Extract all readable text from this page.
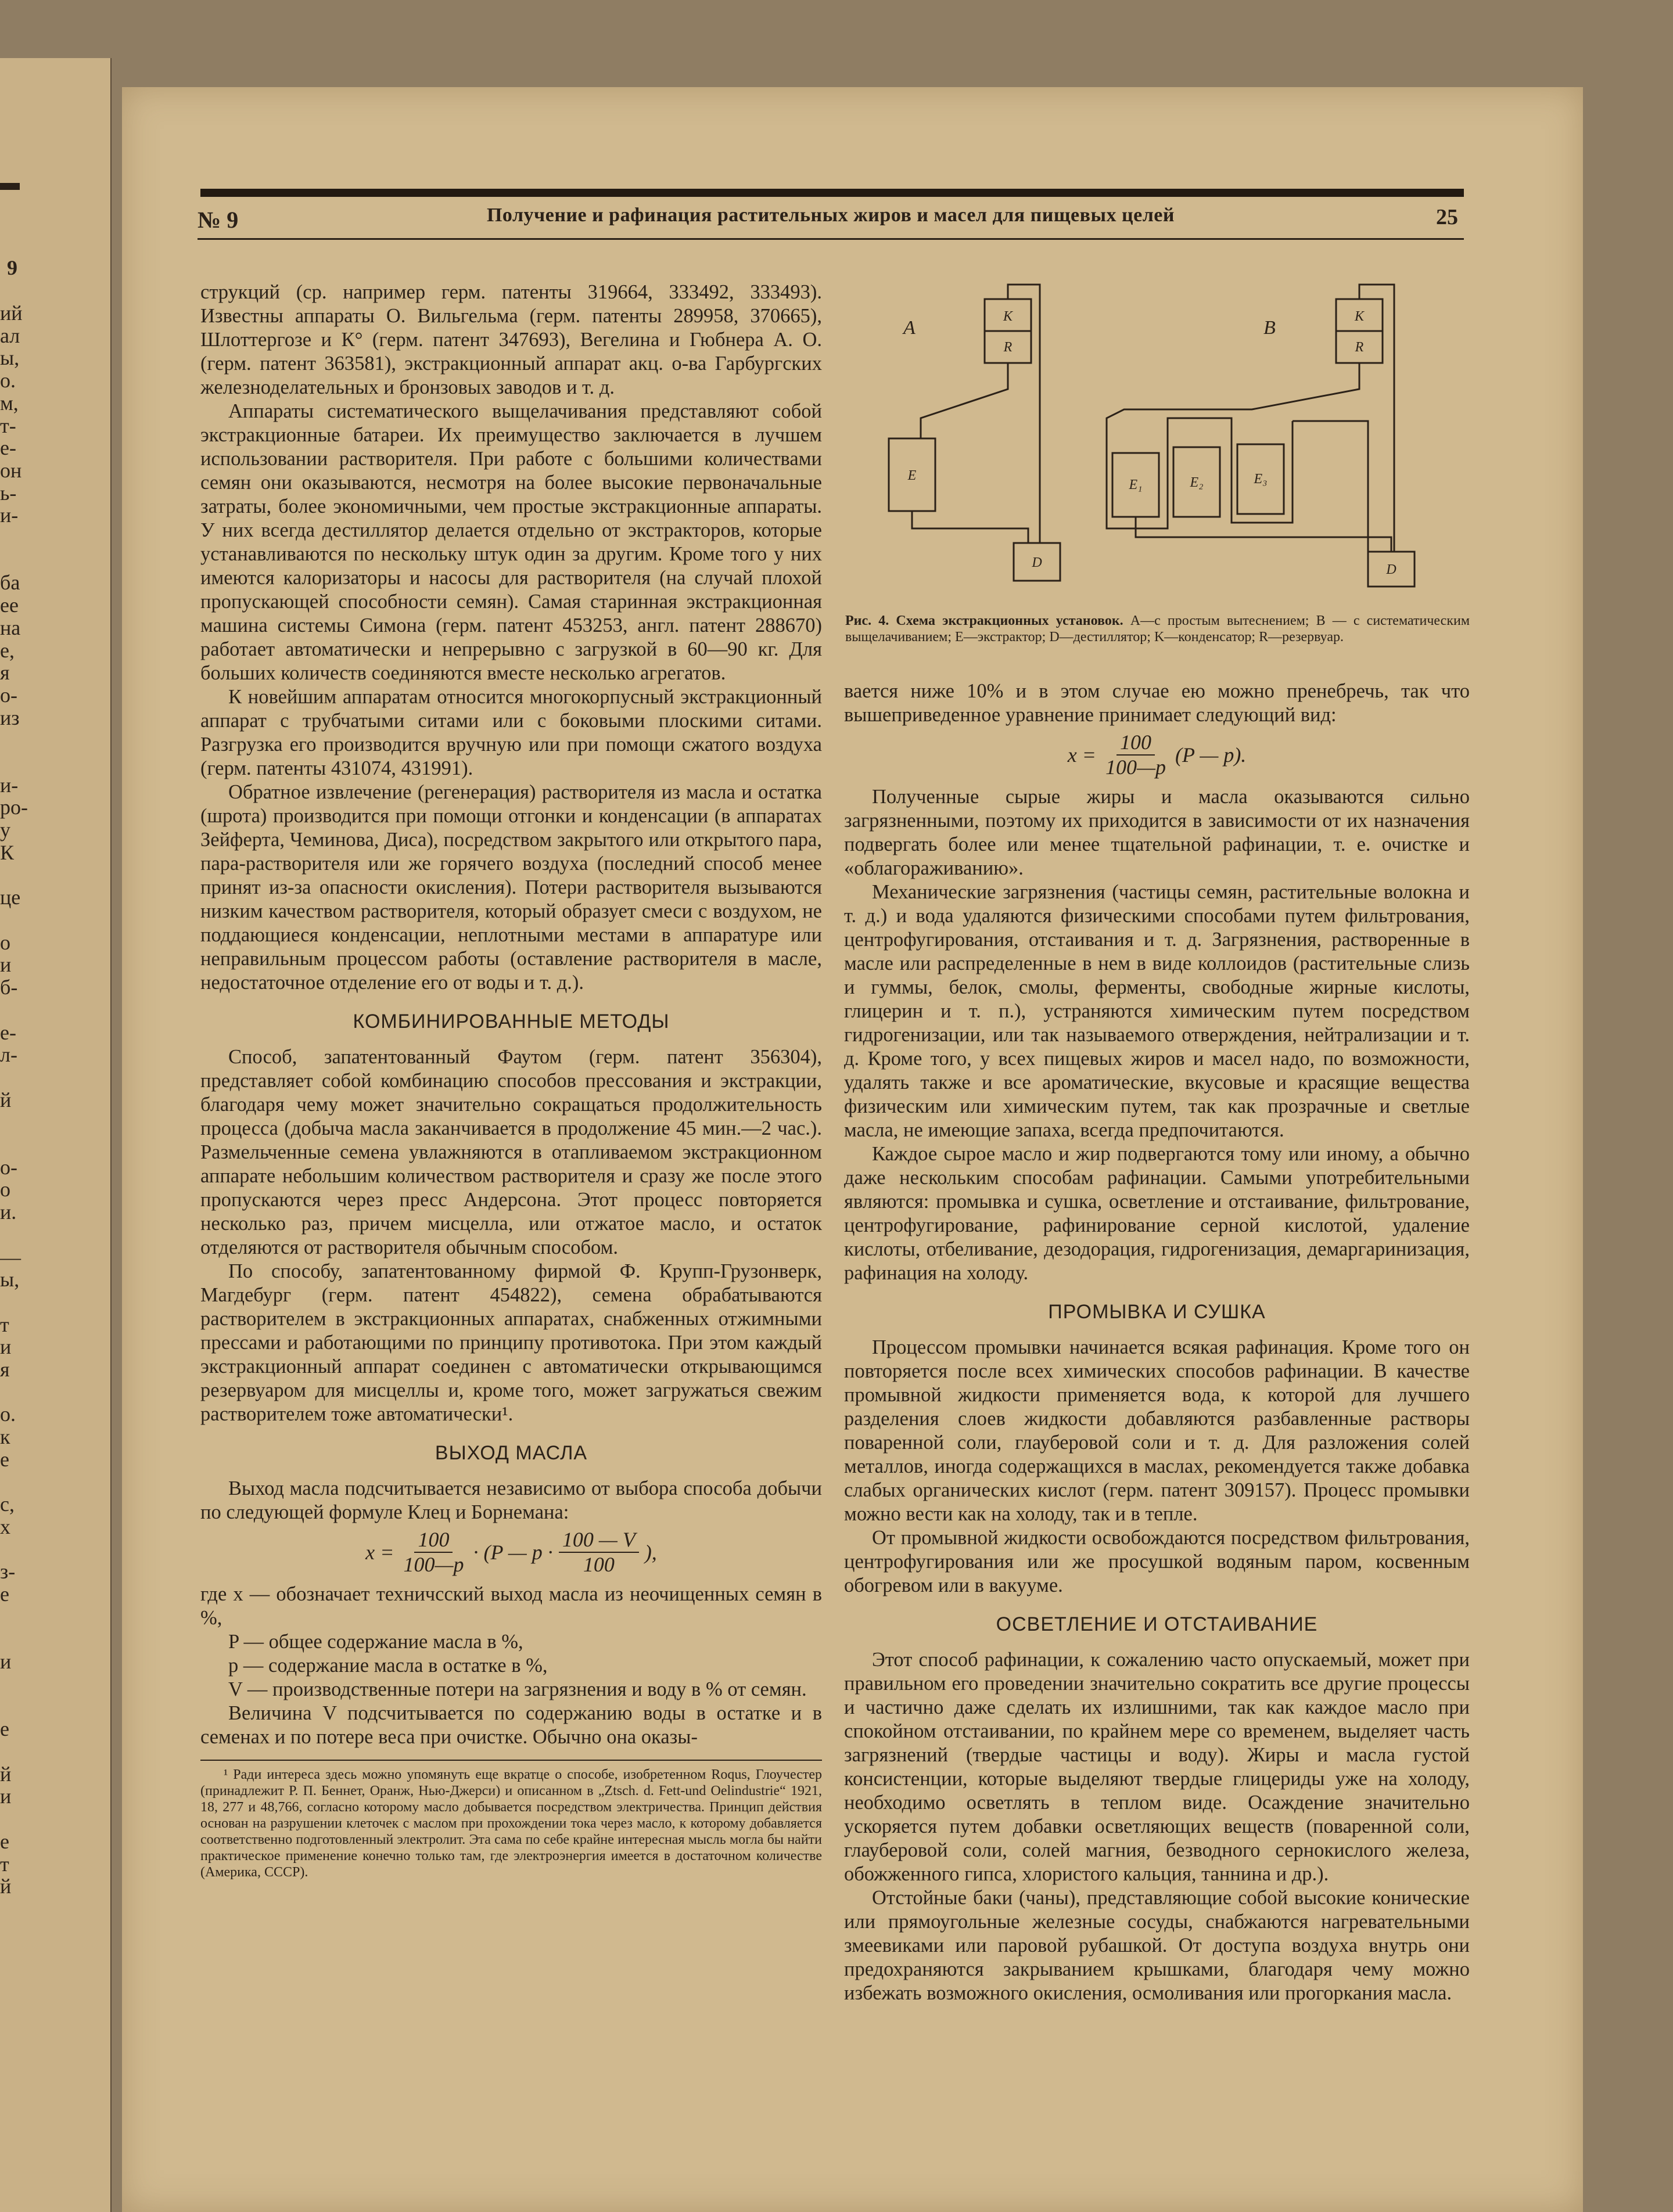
9
ий
ал
ы,
о.
м,
т-
е-
он
ь-
и-

ба
ее
на
е,
я
о-
из

и-
ро-
у
К

це

о
и
б-

е-
л-

й

о-
о
и.

—
ы,

т
и
я

о.
к
е

с,
х

з-
е

и

е

й
и

е
т
й
№ 9	Получение и рафинация растительных жиров и масел для пищевых целей	25

струкций (ср. например герм. патенты 319664, 333492, 333493). Известны аппараты О. Вильгельма (герм. патенты 289958, 370665), Шлоттергозе и К° (герм. патент 347693), Вегелина и Гюбнера А. О. (герм. патент 363581), экстракционный аппарат акц. о-ва Гарбургских железноделательных и бронзовых заводов и т. д.

Аппараты систематического выщелачивания представляют собой экстракционные батареи. Их преимущество заключается в лучшем использовании растворителя. При работе с большими количествами семян они оказываются, несмотря на более высокие первоначальные затраты, более экономичными, чем простые экстракционные аппараты. У них всегда дестиллятор делается отдельно от экстракторов, которые устанавливаются по нескольку штук один за другим. Кроме того у них имеются калоризаторы и насосы для растворителя (на случай плохой пропускающей способности семян). Самая старинная экстракционная машина системы Симона (герм. патент 453253, англ. патент 288670) работает автоматически и непрерывно с загрузкой в 60—90 кг. Для больших количеств соединяются вместе несколько агрегатов.

К новейшим аппаратам относится многокорпусный экстракционный аппарат с трубчатыми ситами или с боковыми плоскими ситами. Разгрузка его производится вручную или при помощи сжатого воздуха (герм. патенты 431074, 431991).

Обратное извлечение (регенерация) растворителя из масла и остатка (шрота) производится при помощи отгонки и конденсации (в аппаратах Зейферта, Чеминова, Диса), посредством закрытого или открытого пара, пара-растворителя или же горячего воздуха (последний способ менее принят из-за опасности окисления). Потери растворителя вызываются низким качеством растворителя, который образует смеси с воздухом, не поддающиеся конденсации, неплотными местами в аппаратуре или неправильным процессом работы (оставление растворителя в масле, недостаточное отделение его от воды и т. д.).

КОМБИНИРОВАННЫЕ МЕТОДЫ

Способ, запатентованный Фаутом (герм. патент 356304), представляет собой комбинацию способов прессования и экстракции, благодаря чему может значительно сокращаться продолжительность процесса (добыча масла заканчивается в продолжение 45 мин.—2 час.). Размельченные семена увлажняются в отапливаемом экстракционном аппарате небольшим количеством растворителя и сразу же после этого пропускаются через пресс Андерсона. Этот процесс повторяется несколько раз, причем мисцелла, или отжатое масло, и остаток отделяются от растворителя обычным способом.

По способу, запатентованному фирмой Ф. Крупп-Грузонверк, Магдебург (герм. патент 454822), семена обрабатываются растворителем в экстракционных аппаратах, снабженных отжимными прессами и работающими по принципу противотока. При этом каждый экстракционный аппарат соединен с автоматически открывающимся резервуаром для мисцеллы и, кроме того, может загружаться свежим растворителем тоже автоматически¹.

ВЫХОД МАСЛА

Выход масла подсчитывается независимо от выбора способа добычи по следующей формуле Клец и Борнемана:

$x = \frac{100}{100—p} \cdot (P$ — $p \cdot \frac{100 — V}{100}$ ),

где x — обозначает техничсский выход масла из неочищенных семян в %,

P — общее содержание масла в %,

p — содержание масла в остатке в %,

V — производственные потери на загрязнения и воду в % от семян.

Величина V подсчитывается по содержанию воды в остатке и в семенах и по потере веса при очистке. Обычно она оказы-

¹ Ради интереса здесь можно упомянуть еще вкратце о способе, изобретенном Roqus, Глоучестер (принадлежит Р. П. Беннет, Оранж, Нью-Джерси) и описанном в „Ztsch. d. Fett-und Oelindustrie“ 1921, 18, 277 и 48,766, согласно которому масло добывается посредством электричества. Принцип действия основан на разрушении клеточек с маслом при прохождении тока через масло, к которому добавляется соответственно подготовленный электролит. Эта сама по себе крайне интересная мысль могла бы найти практическое применение конечно только там, где электроэнергия имеется в достаточном количестве (Америка, СССР).

A	B
К
R
E
D
К
R
E₁	E₂	E₃
D
Рис. 4. Схема экстракционных установок. A—с простым вытеснением; B — с систематическим выщелачиванием; E—экстрактор; D—дестиллятор; K—конденсатор; R—резервуар.

вается ниже 10% и в этом случае ею можно пренебречь, так что вышеприведенное уравнение принимает следующий вид:

$x = \frac{100}{100—p} (P$ — p).

Полученные сырые жиры и масла оказываются сильно загрязненными, поэтому их приходится в зависимости от их назначения подвергать более или менее тщательной рафинации, т. е. очистке и «облагораживанию».

Механические загрязнения (частицы семян, растительные волокна и т. д.) и вода удаляются физическими способами путем фильтрования, центрофугирования, отстаивания и т. д. Загрязнения, растворенные в масле или распределенные в нем в виде коллоидов (растительные слизь и гуммы, белок, смолы, ферменты, свободные жирные кислоты, глицерин и т. п.), устраняются химическим путем посредством гидрогенизации, или так называемого отверждения, нейтрализации и т. д. Кроме того, у всех пищевых жиров и масел надо, по возможности, удалять также и все ароматические, вкусовые и красящие вещества физическим или химическим путем, так как прозрачные и светлые масла, не имеющие запаха, всегда предпочитаются.

Каждое сырое масло и жир подвергаются тому или иному, а обычно даже нескольким способам рафинации. Самыми употребительными являются: промывка и сушка, осветление и отстаивание, фильтрование, центрофугирование, рафинирование серной кислотой, удаление кислоты, отбеливание, дезодорация, гидрогенизация, демаргаринизация, рафинация на холоду.

ПРОМЫВКА И СУШКА

Процессом промывки начинается всякая рафинация. Кроме того он повторяется после всех химических способов рафинации. В качестве промывной жидкости применяется вода, к которой для лучшего разделения слоев жидкости добавляются разбавленные растворы поваренной соли, глауберовой соли и т. д. Для разложения солей металлов, иногда содержащихся в маслах, рекомендуется также добавка слабых органических кислот (герм. патент 309157). Процесс промывки можно вести как на холоду, так и в тепле.

От промывной жидкости освобождаются посредством фильтрования, центрофугирования или же просушкой водяным паром, косвенным обогревом или в вакууме.

ОСВЕТЛЕНИЕ И ОТСТАИВАНИЕ

Этот способ рафинации, к сожалению часто опускаемый, может при правильном его проведении значительно сократить все другие процессы и частично даже сделать их излишними, так как каждое масло при спокойном отстаивании, по крайнем мере со временем, выделяет часть загрязнений (твердые частицы и воду). Жиры и масла густой консистенции, которые выделяют твердые глицериды уже на холоду, необходимо осветлять в теплом виде. Осаждение значительно ускоряется путем добавки осветляющих веществ (поваренной соли, глауберовой соли, солей магния, безводного сернокислого железа, обожженного гипса, хлористого кальция, таннина и др.).

Отстойные баки (чаны), представляющие собой высокие конические или прямоугольные железные сосуды, снабжаются нагревательными змеевиками или паровой рубашкой. От доступа воздуха внутрь они предохраняются закрыванием крышками, благодаря чему можно избежать возможного окисления, осмоливания или прогоркания масла.
